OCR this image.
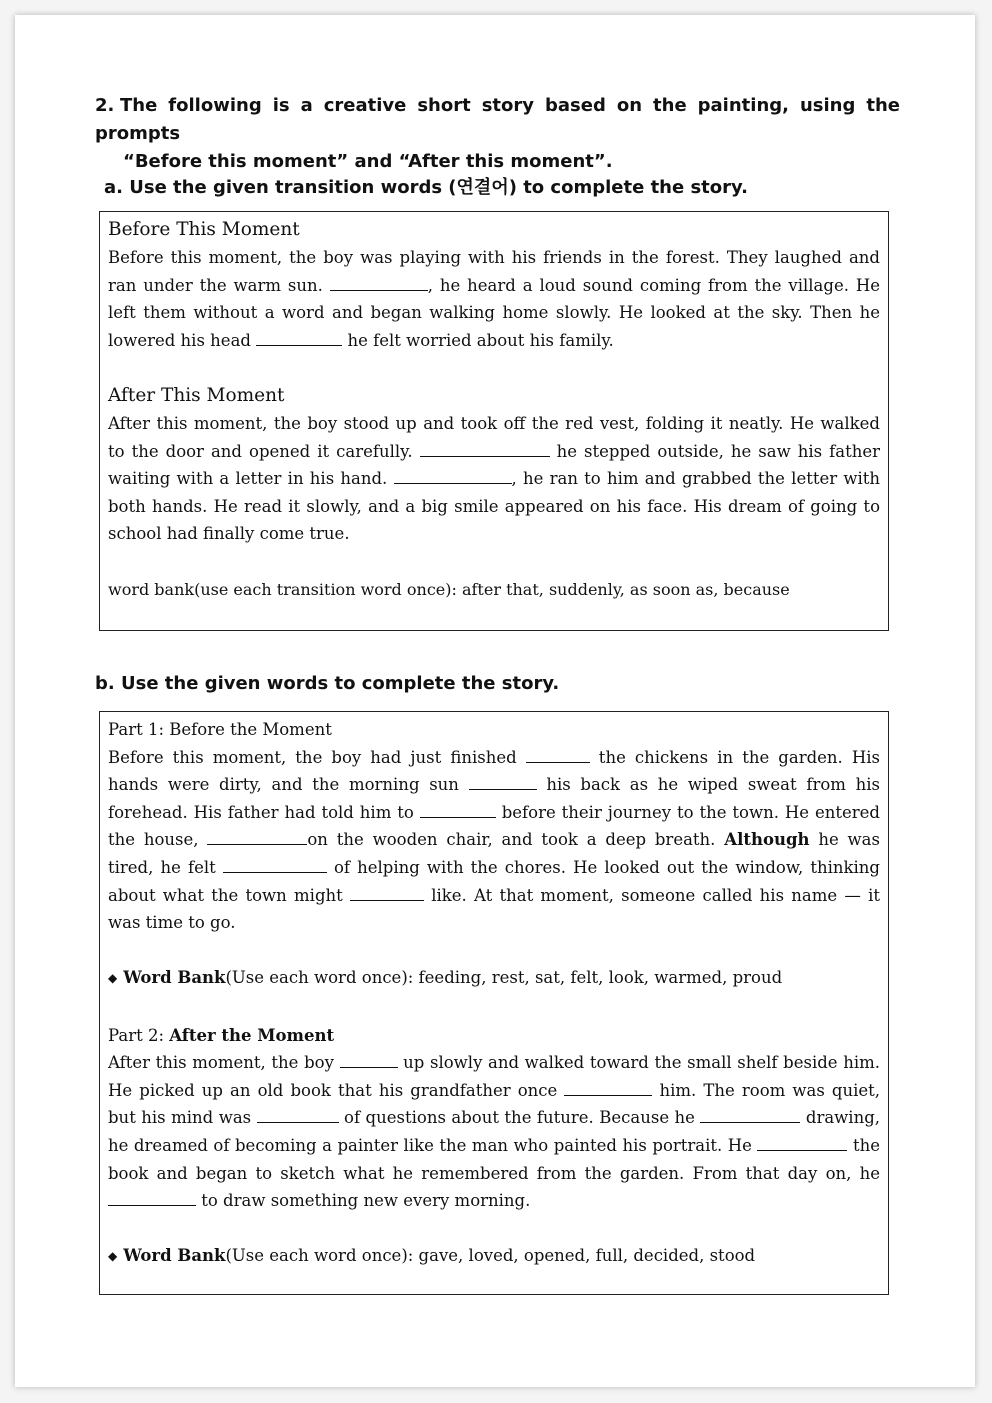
2. The following is a creative short story based on the painting, using the prompts
“Before this moment” and “After this moment”.

a. Use the given transition words (연결어) to complete the story.

Before This Moment

Before this moment, the boy was playing with his friends in the forest. They laughed and ran under the warm sun.	, he heard a loud sound coming from the village. He left them without a word and began walking home slowly. He looked at the sky. Then he lowered his head	he felt worried about his family.

After This Moment

After this moment, the boy stood up and took off the red vest, folding it neatly. He walked to the door and opened it carefully.	he stepped outside, he saw his father waiting with a letter in his hand.	, he ran to him and grabbed the letter with both hands. He read it slowly, and a big smile appeared on his face. His dream of going to school had finally come true.

word bank(use each transition word once): after that, suddenly, as soon as, because

b. Use the given words to complete the story.

Part 1: Before the Moment

Before this moment, the boy had just finished	the chickens in the garden. His hands were dirty, and the morning sun	his back as he wiped sweat from his forehead. His father had told him to	before their journey to the town. He entered the house,	on the wooden chair, and took a deep breath. Although he was tired, he felt	of helping with the chores. He looked out the window, thinking about what the town might	like. At that moment, someone called his name — it was time to go.

◆ Word Bank(Use each word once): feeding, rest, sat, felt, look, warmed, proud

Part 2: After the Moment

After this moment, the boy	up slowly and walked toward the small shelf beside him. He picked up an old book that his grandfather once	him. The room was quiet, but his mind was	of questions about the future. Because he	drawing, he dreamed of becoming a painter like the man who painted his portrait. He	the book and began to sketch what he remembered from the garden. From that day on, he  to draw something new every morning.

◆ Word Bank(Use each word once): gave, loved, opened, full, decided, stood
